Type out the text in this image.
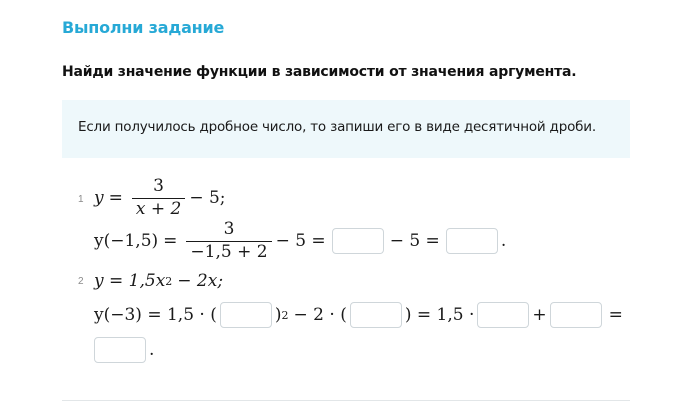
Выполни задание
Найди значение функции в зависимости от значения аргумента.
Если получилось дробное число, то запиши его в виде десятичной дроби.
1 $y = \frac{3}{x + 2} - 5$;
$y(-1,5) = \frac{3}{-1,5 + 2} - 5$ =	− 5 =	.
2 y = 1,5x 2 − 2x;
y(−3) = 1,5 · (	) 2 − 2 · (	) = 1,5 ·	+	=
.
